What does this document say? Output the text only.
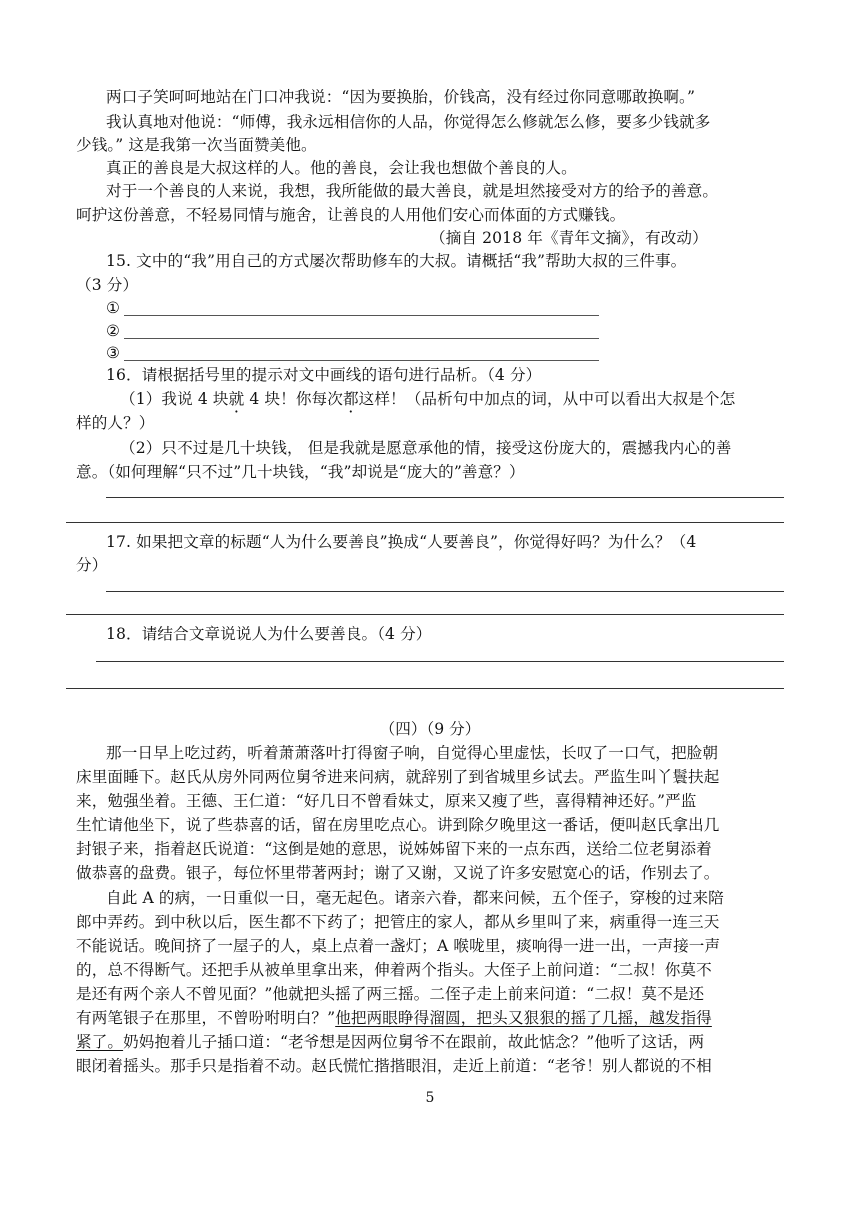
两口子笑呵呵地站在门口冲我说：“因为要换胎，价钱高，没有经过你同意哪敢换啊。”
我认真地对他说：“师傅，我永远相信你的人品，你觉得怎么修就怎么修，要多少钱就多
少钱。” 这是我第一次当面赞美他。
真正的善良是大叔这样的人。他的善良，会让我也想做个善良的人。
对于一个善良的人来说，我想，我所能做的最大善良，就是坦然接受对方的给予的善意。
呵护这份善意，不轻易同情与施舍，让善良的人用他们安心而体面的方式赚钱。
（摘自 2018 年《青年文摘》，有改动）
15. 文中的“我”用自己的方式屡次帮助修车的大叔。请概括“我”帮助大叔的三件事。
（3 分）
①
②
③
16．请根据括号里的提示对文中画线的语句进行品析。（4 分）
（1）我说 4 块就 4 块！你每次都这样！（品析句中加点的词，从中可以看出大叔是个怎
样的人？）
（2）只不过是几十块钱， 但是我就是愿意承他的情，接受这份庞大的，震撼我内心的善
意。（如何理解“只不过”几十块钱，“我”却说是“庞大的”善意？）
17. 如果把文章的标题“人为什么要善良”换成“人要善良”，你觉得好吗？为什么？（4
分）
18．请结合文章说说人为什么要善良。（4 分）
（四）（9 分）
那一日早上吃过药，听着萧萧落叶打得窗子响，自觉得心里虚怯，长叹了一口气，把脸朝
床里面睡下。赵氏从房外同两位舅爷进来问病，就辞别了到省城里乡试去。严监生叫丫鬟扶起
来，勉强坐着。王德、王仁道：“好几日不曾看妹丈，原来又瘦了些，喜得精神还好。”严监
生忙请他坐下，说了些恭喜的话，留在房里吃点心。讲到除夕晚里这一番话，便叫赵氏拿出几
封银子来，指着赵氏说道：“这倒是她的意思，说姊姊留下来的一点东西，送给二位老舅添着
做恭喜的盘费。银子，每位怀里带著两封；谢了又谢，又说了许多安慰宽心的话，作别去了。
自此 A 的病，一日重似一日，毫无起色。诸亲六眷，都来问候，五个侄子，穿梭的过来陪
郎中弄药。到中秋以后，医生都不下药了；把管庄的家人，都从乡里叫了来，病重得一连三天
不能说话。晚间挤了一屋子的人，桌上点着一盏灯；A 喉咙里，痰响得一进一出，一声接一声
的，总不得断气。还把手从被单里拿出来，伸着两个指头。大侄子上前问道：“二叔！你莫不
是还有两个亲人不曾见面？”他就把头摇了两三摇。二侄子走上前来问道：“二叔！莫不是还
有两笔银子在那里，不曾吩咐明白？”他把两眼睁得溜圆，把头又狠狠的摇了几摇，越发指得
紧了。奶妈抱着儿子插口道：“老爷想是因两位舅爷不在跟前，故此惦念？”他听了这话，两
眼闭着摇头。那手只是指着不动。赵氏慌忙揩揩眼泪，走近上前道：“老爷！别人都说的不相
5
